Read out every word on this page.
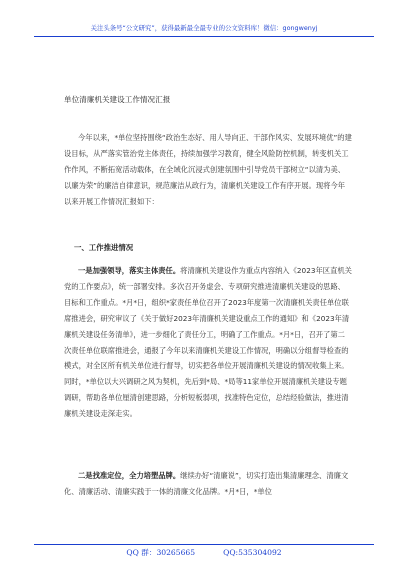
关注头条号“公文研究”，获得最新最全最专业的公文资料库！微信：gongwenyj
单位清廉机关建设工作情况汇报
今年以来，*单位坚持围绕“政治生态好、用人导向正、干部作风实、发展环境优”的建设目标，从严落实管治党主体责任，持续加强学习教育，健全风险防控机制，转变机关工作作风，不断拓宽活动载体，在全域化沉浸式创建氛围中引导党员干部树立“以清为美、以廉为荣”的廉洁自律意识，规范廉洁从政行为，清廉机关建设工作有序开展。现将今年以来开展工作情况汇报如下：
一、工作推进情况
一是加强领导，落实主体责任。将清廉机关建设作为重点内容纳入《2023年区直机关党的工作要点》，统一部署安排。多次召开务虚会、专项研究推进清廉机关建设的思路、目标和工作重点。*月*日，组织*家责任单位召开了2023年度第一次清廉机关责任单位联席推进会，研究审议了《关于做好2023年清廉机关建设重点工作的通知》和《2023年清廉机关建设任务清单》，进一步细化了责任分工，明确了工作重点。*月*日，召开了第二次责任单位联席推进会，通报了今年以来清廉机关建设工作情况，明确以分组督导检查的模式，对全区所有机关单位进行督导，切实把各单位开展清廉机关建设的情况收集上来。同时，*单位以大兴调研之风为契机，先后到*局、*局等11家单位开展清廉机关建设专题调研，帮助各单位厘清创建思路，分析短板弱项，找准特色定位，总结经验做法，推进清廉机关建设走深走实。
二是找准定位，全力培塑品牌。继续办好“清廉说”，切实打造出集清廉理念、清廉文化、清廉活动、清廉实践于一体的清廉文化品牌。*月*日，*单位
QQ 群：30265665	QQ:535304092
